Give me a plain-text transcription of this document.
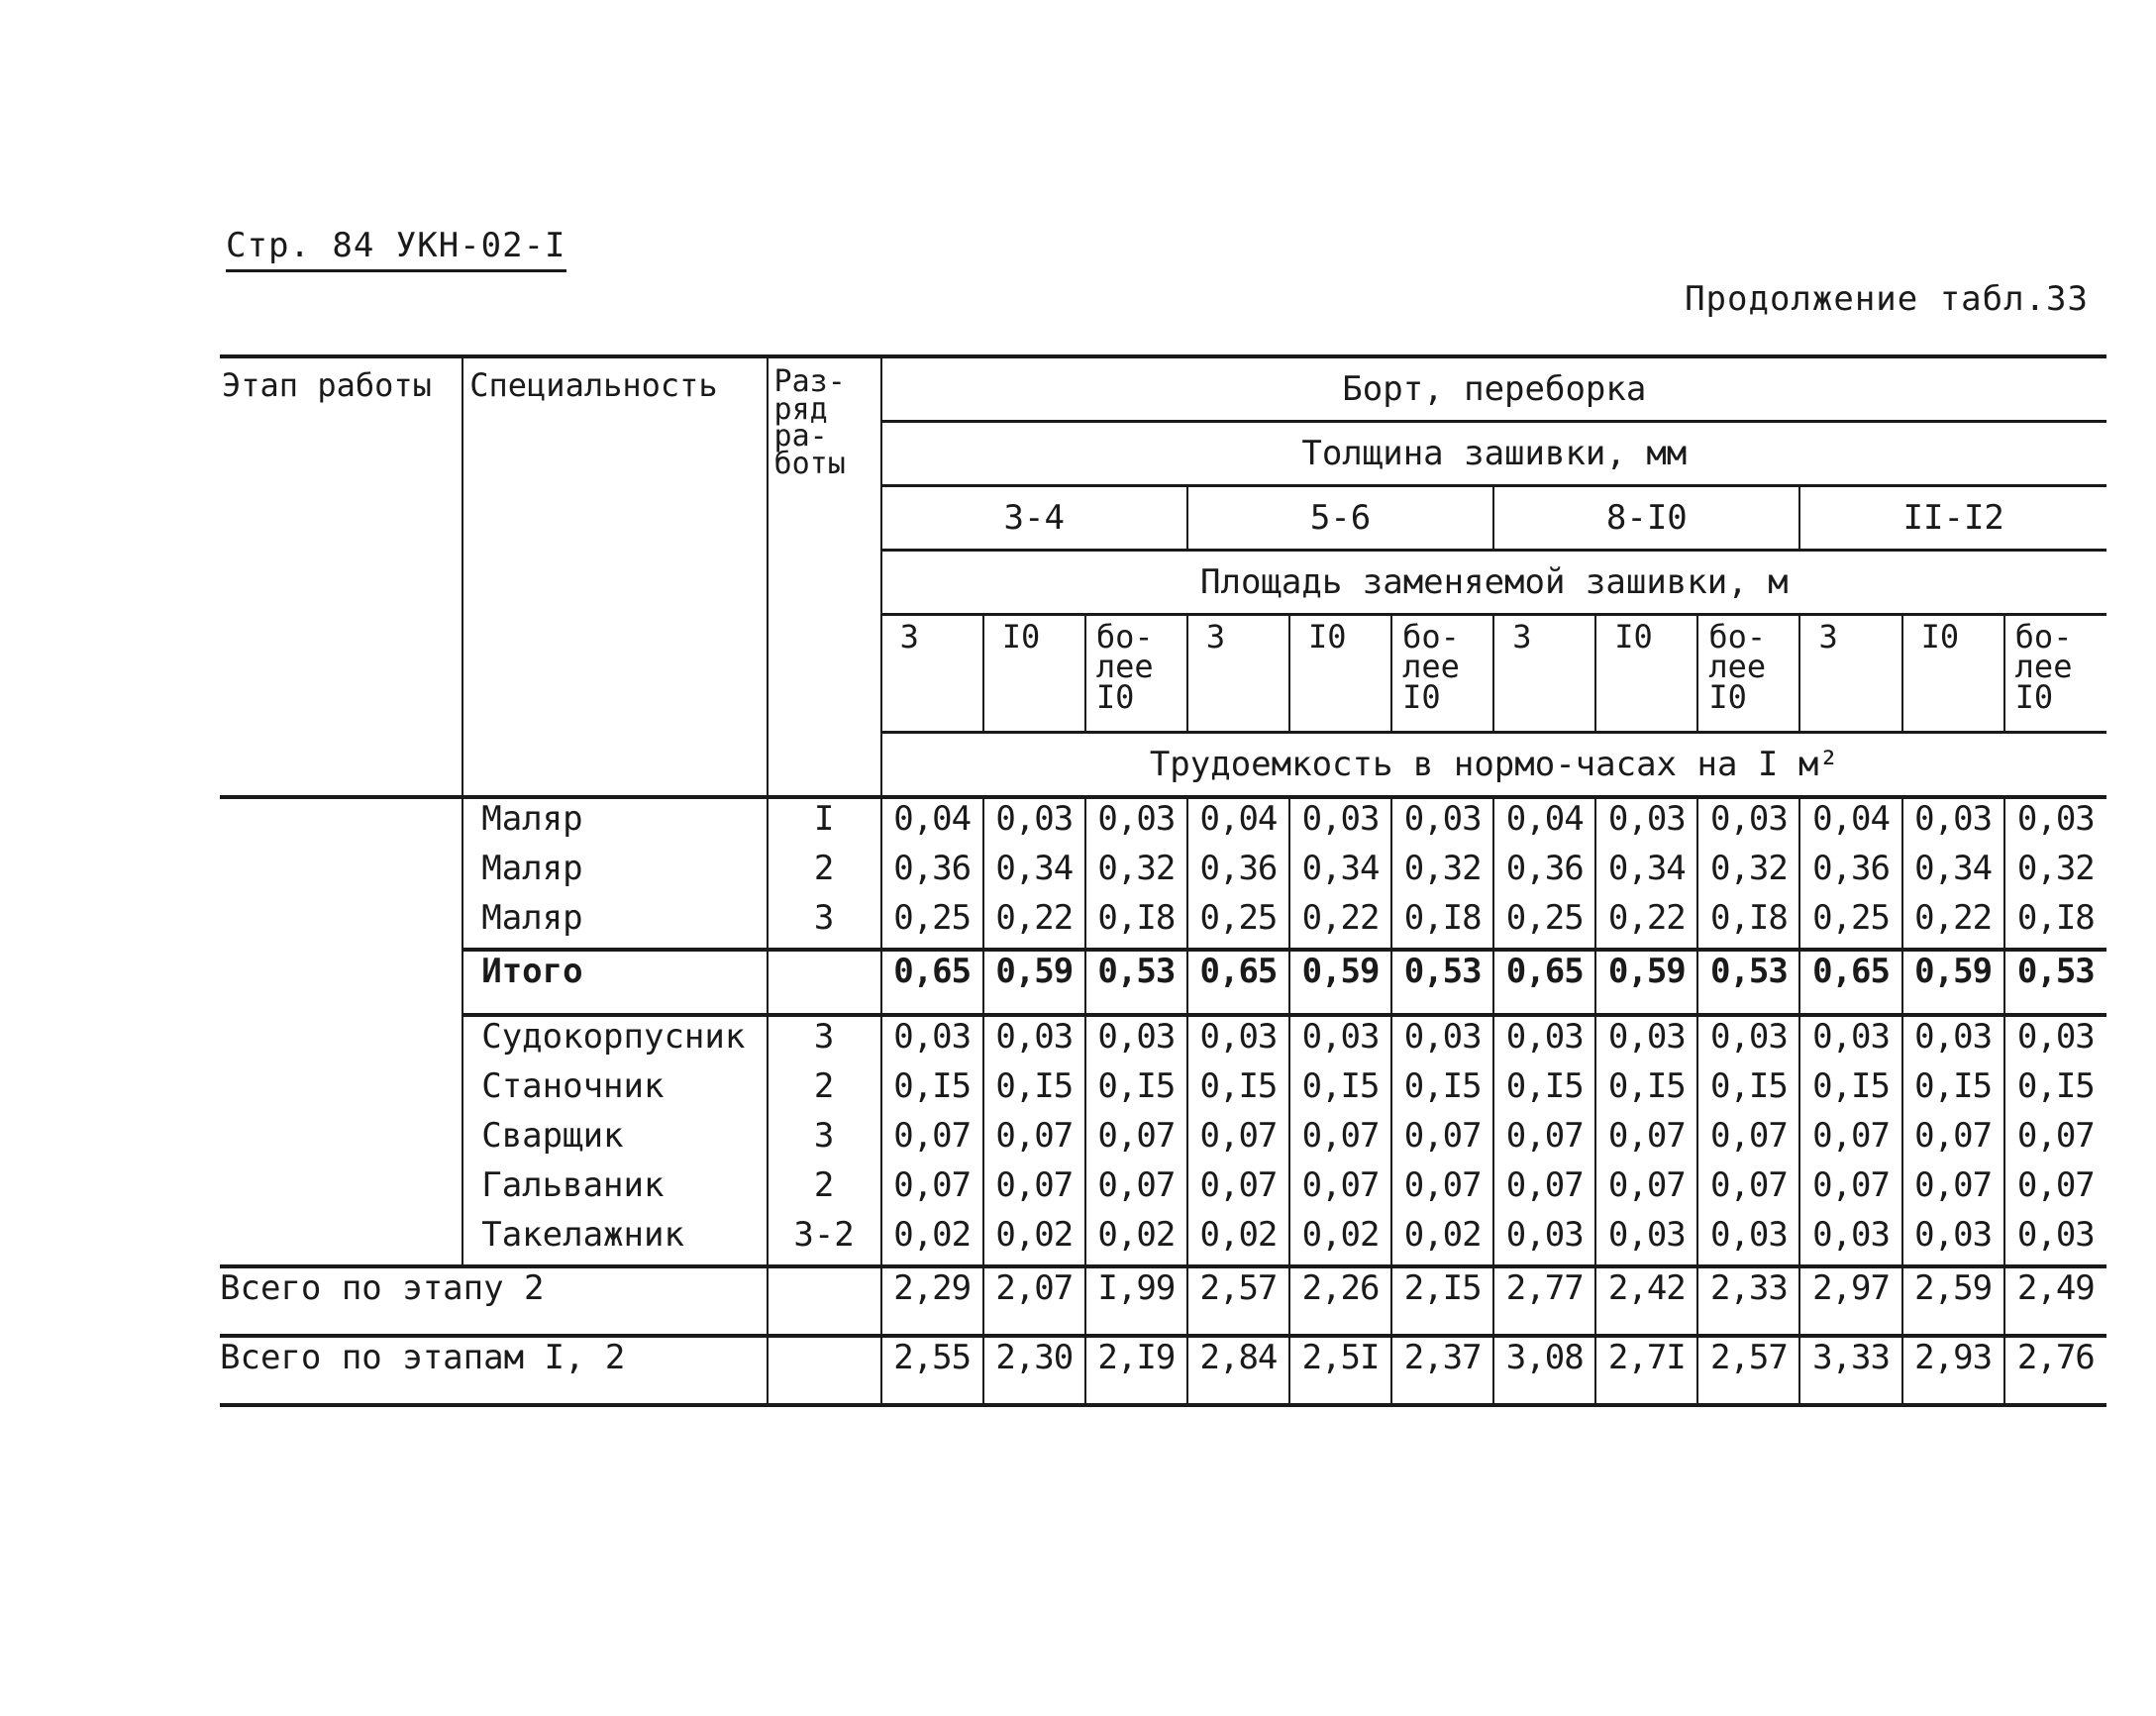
Стр. 84 УКН-02-I
Продолжение табл.33
Этап работы	Специальность	Раз-
ряд
ра-
боты	Борт, переборка											
			Толщина зашивки, мм											
			3-4			5-6			8-I0			II-I2		
			Площадь заменяемой зашивки, м											
			3	I0	бо-
лее
I0	3	I0	бо-
лее
I0	3	I0	бо-
лее
I0	3	I0	бо-
лее
I0
			Трудоемкость в нормо-часах на I м²											
	Маляр	I	0,04	0,03	0,03	0,04	0,03	0,03	0,04	0,03	0,03	0,04	0,03	0,03
	Маляр	2	0,36	0,34	0,32	0,36	0,34	0,32	0,36	0,34	0,32	0,36	0,34	0,32
	Маляр	3	0,25	0,22	0,I8	0,25	0,22	0,I8	0,25	0,22	0,I8	0,25	0,22	0,I8
	Итого		0,65	0,59	0,53	0,65	0,59	0,53	0,65	0,59	0,53	0,65	0,59	0,53
	Судокорпусник	3	0,03	0,03	0,03	0,03	0,03	0,03	0,03	0,03	0,03	0,03	0,03	0,03
	Станочник	2	0,I5	0,I5	0,I5	0,I5	0,I5	0,I5	0,I5	0,I5	0,I5	0,I5	0,I5	0,I5
	Сварщик	3	0,07	0,07	0,07	0,07	0,07	0,07	0,07	0,07	0,07	0,07	0,07	0,07
	Гальваник	2	0,07	0,07	0,07	0,07	0,07	0,07	0,07	0,07	0,07	0,07	0,07	0,07
	Такелажник	3-2	0,02	0,02	0,02	0,02	0,02	0,02	0,03	0,03	0,03	0,03	0,03	0,03
Всего по этапу 2			2,29	2,07	I,99	2,57	2,26	2,I5	2,77	2,42	2,33	2,97	2,59	2,49
Всего по этапам I, 2			2,55	2,30	2,I9	2,84	2,5I	2,37	3,08	2,7I	2,57	3,33	2,93	2,76
